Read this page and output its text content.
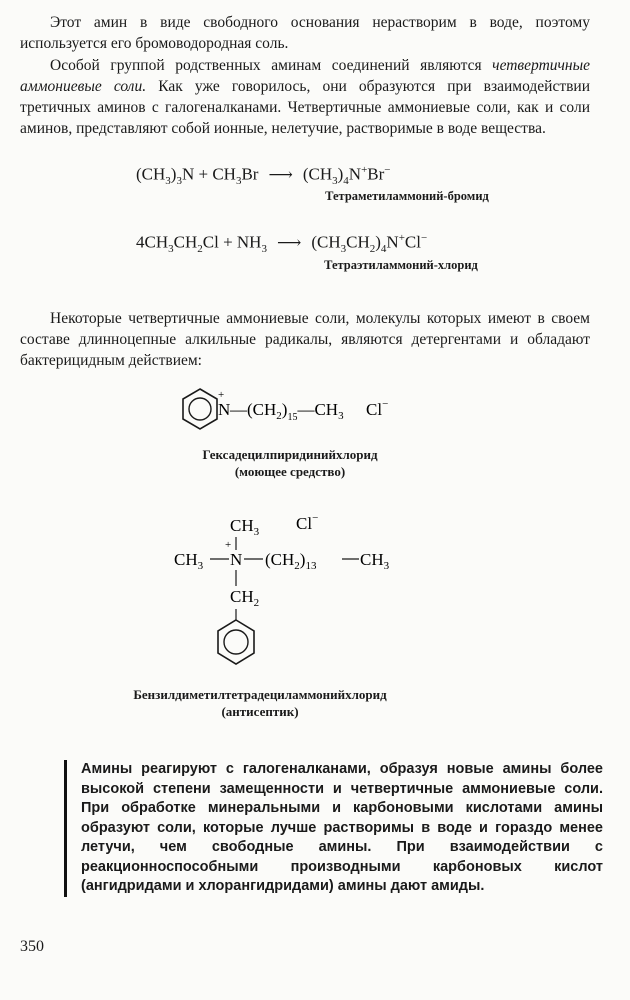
Этот амин в виде свободного основания нерастворим в воде, поэтому используется его бромоводородная соль.

Особой группой родственных аминам соединений являются четвертичные аммониевые соли. Как уже говорилось, они образуются при взаимодействии третичных аминов с галогеналканами. Четвертичные аммониевые соли, как и соли аминов, представляют собой ионные, нелетучие, растворимые в воде вещества.

$(CH_3)_3N + CH_3Br$ ⟶ $(CH_3)_4N^+Br^-$
Тетраметиламмоний-бромид
$4CH_3CH_2Cl + NH_3$ ⟶ $(CH_3CH_2)_4N^+Cl^-$
Тетраэтиламмоний-хлорид

Некоторые четвертичные аммониевые соли, молекулы которых имеют в своем составе длинноцепные алкильные радикалы, являются детергентами и обладают бактерицидным действием:

+
N $—(CH_2)_{15}—CH_3$ Cl−
Гексадецилпиридинийхлорид
(моющее средство)
$CH_3$ Cl−
+
$CH_3$ N $(CH_2)_{13}$	$CH_3$
$CH_2$
Бензилдиметилтетрадециламмонийхлорид
(антисептик)

Амины реагируют с галогеналканами, образуя новые амины более высокой степени замещенности и четвертичные аммониевые соли. При обработке минеральными и карбоновыми кислотами амины образуют соли, которые лучше растворимы в воде и гораздо менее летучи, чем свободные амины. При взаимодействии с реакционноспособными производными карбоновых кислот (ангидридами и хлорангидридами) амины дают амиды.

350
